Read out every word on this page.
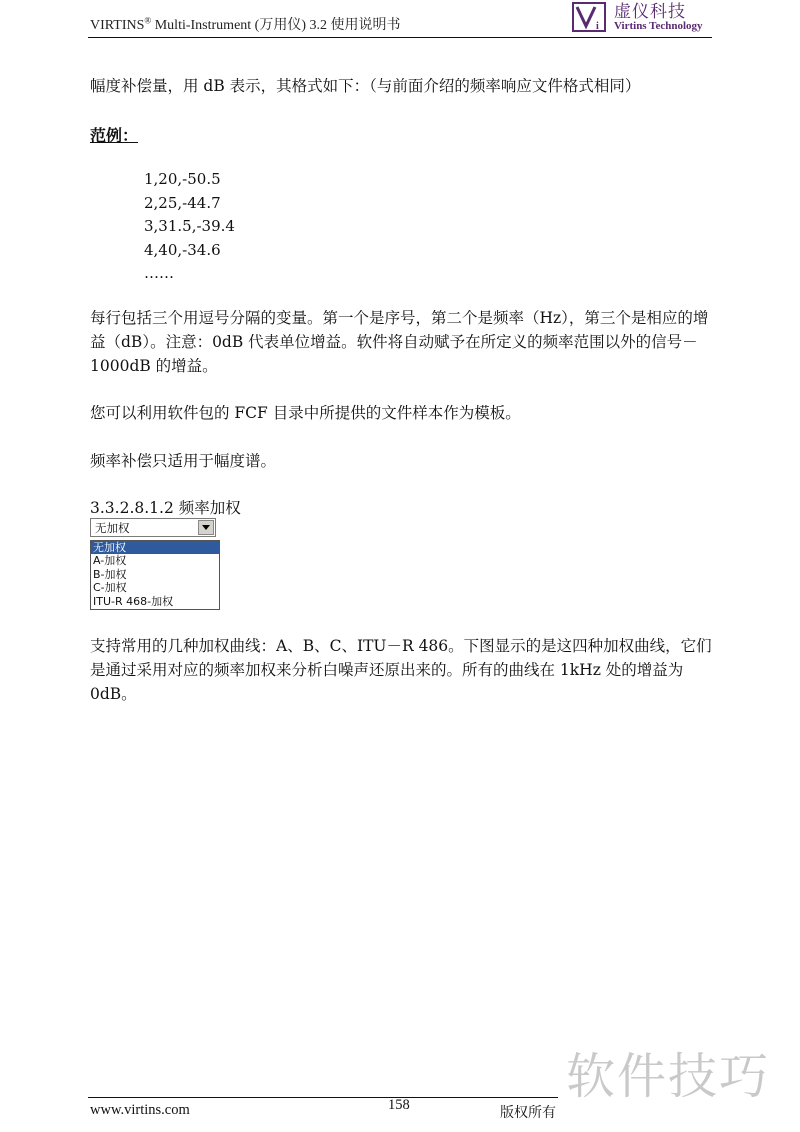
VIRTINS® Multi-Instrument (万用仪) 3.2 使用说明书	i
虚仪科技
Virtins Technology

幅度补偿量，用 dB 表示，其格式如下：（与前面介绍的频率响应文件格式相同）

范例：
1,20,-50.5
2,25,-44.7
3,31.5,-39.4
4,40,-34.6
……

每行包括三个用逗号分隔的变量。第一个是序号，第二个是频率（Hz），第三个是相应的增益（dB）。注意：0dB 代表单位增益。软件将自动赋予在所定义的频率范围以外的信号－1000dB 的增益。

您可以利用软件包的 FCF 目录中所提供的文件样本作为模板。

频率补偿只适用于幅度谱。

3.3.2.8.1.2 频率加权
无加权
无加权
A-加权
B-加权
C-加权
ITU-R 468-加权

支持常用的几种加权曲线：A、B、C、ITU－R 486。下图显示的是这四种加权曲线，它们是通过采用对应的频率加权来分析白噪声还原出来的。所有的曲线在 1kHz 处的增益为 0dB。

软件技巧
www.virtins.com	158	版权所有
